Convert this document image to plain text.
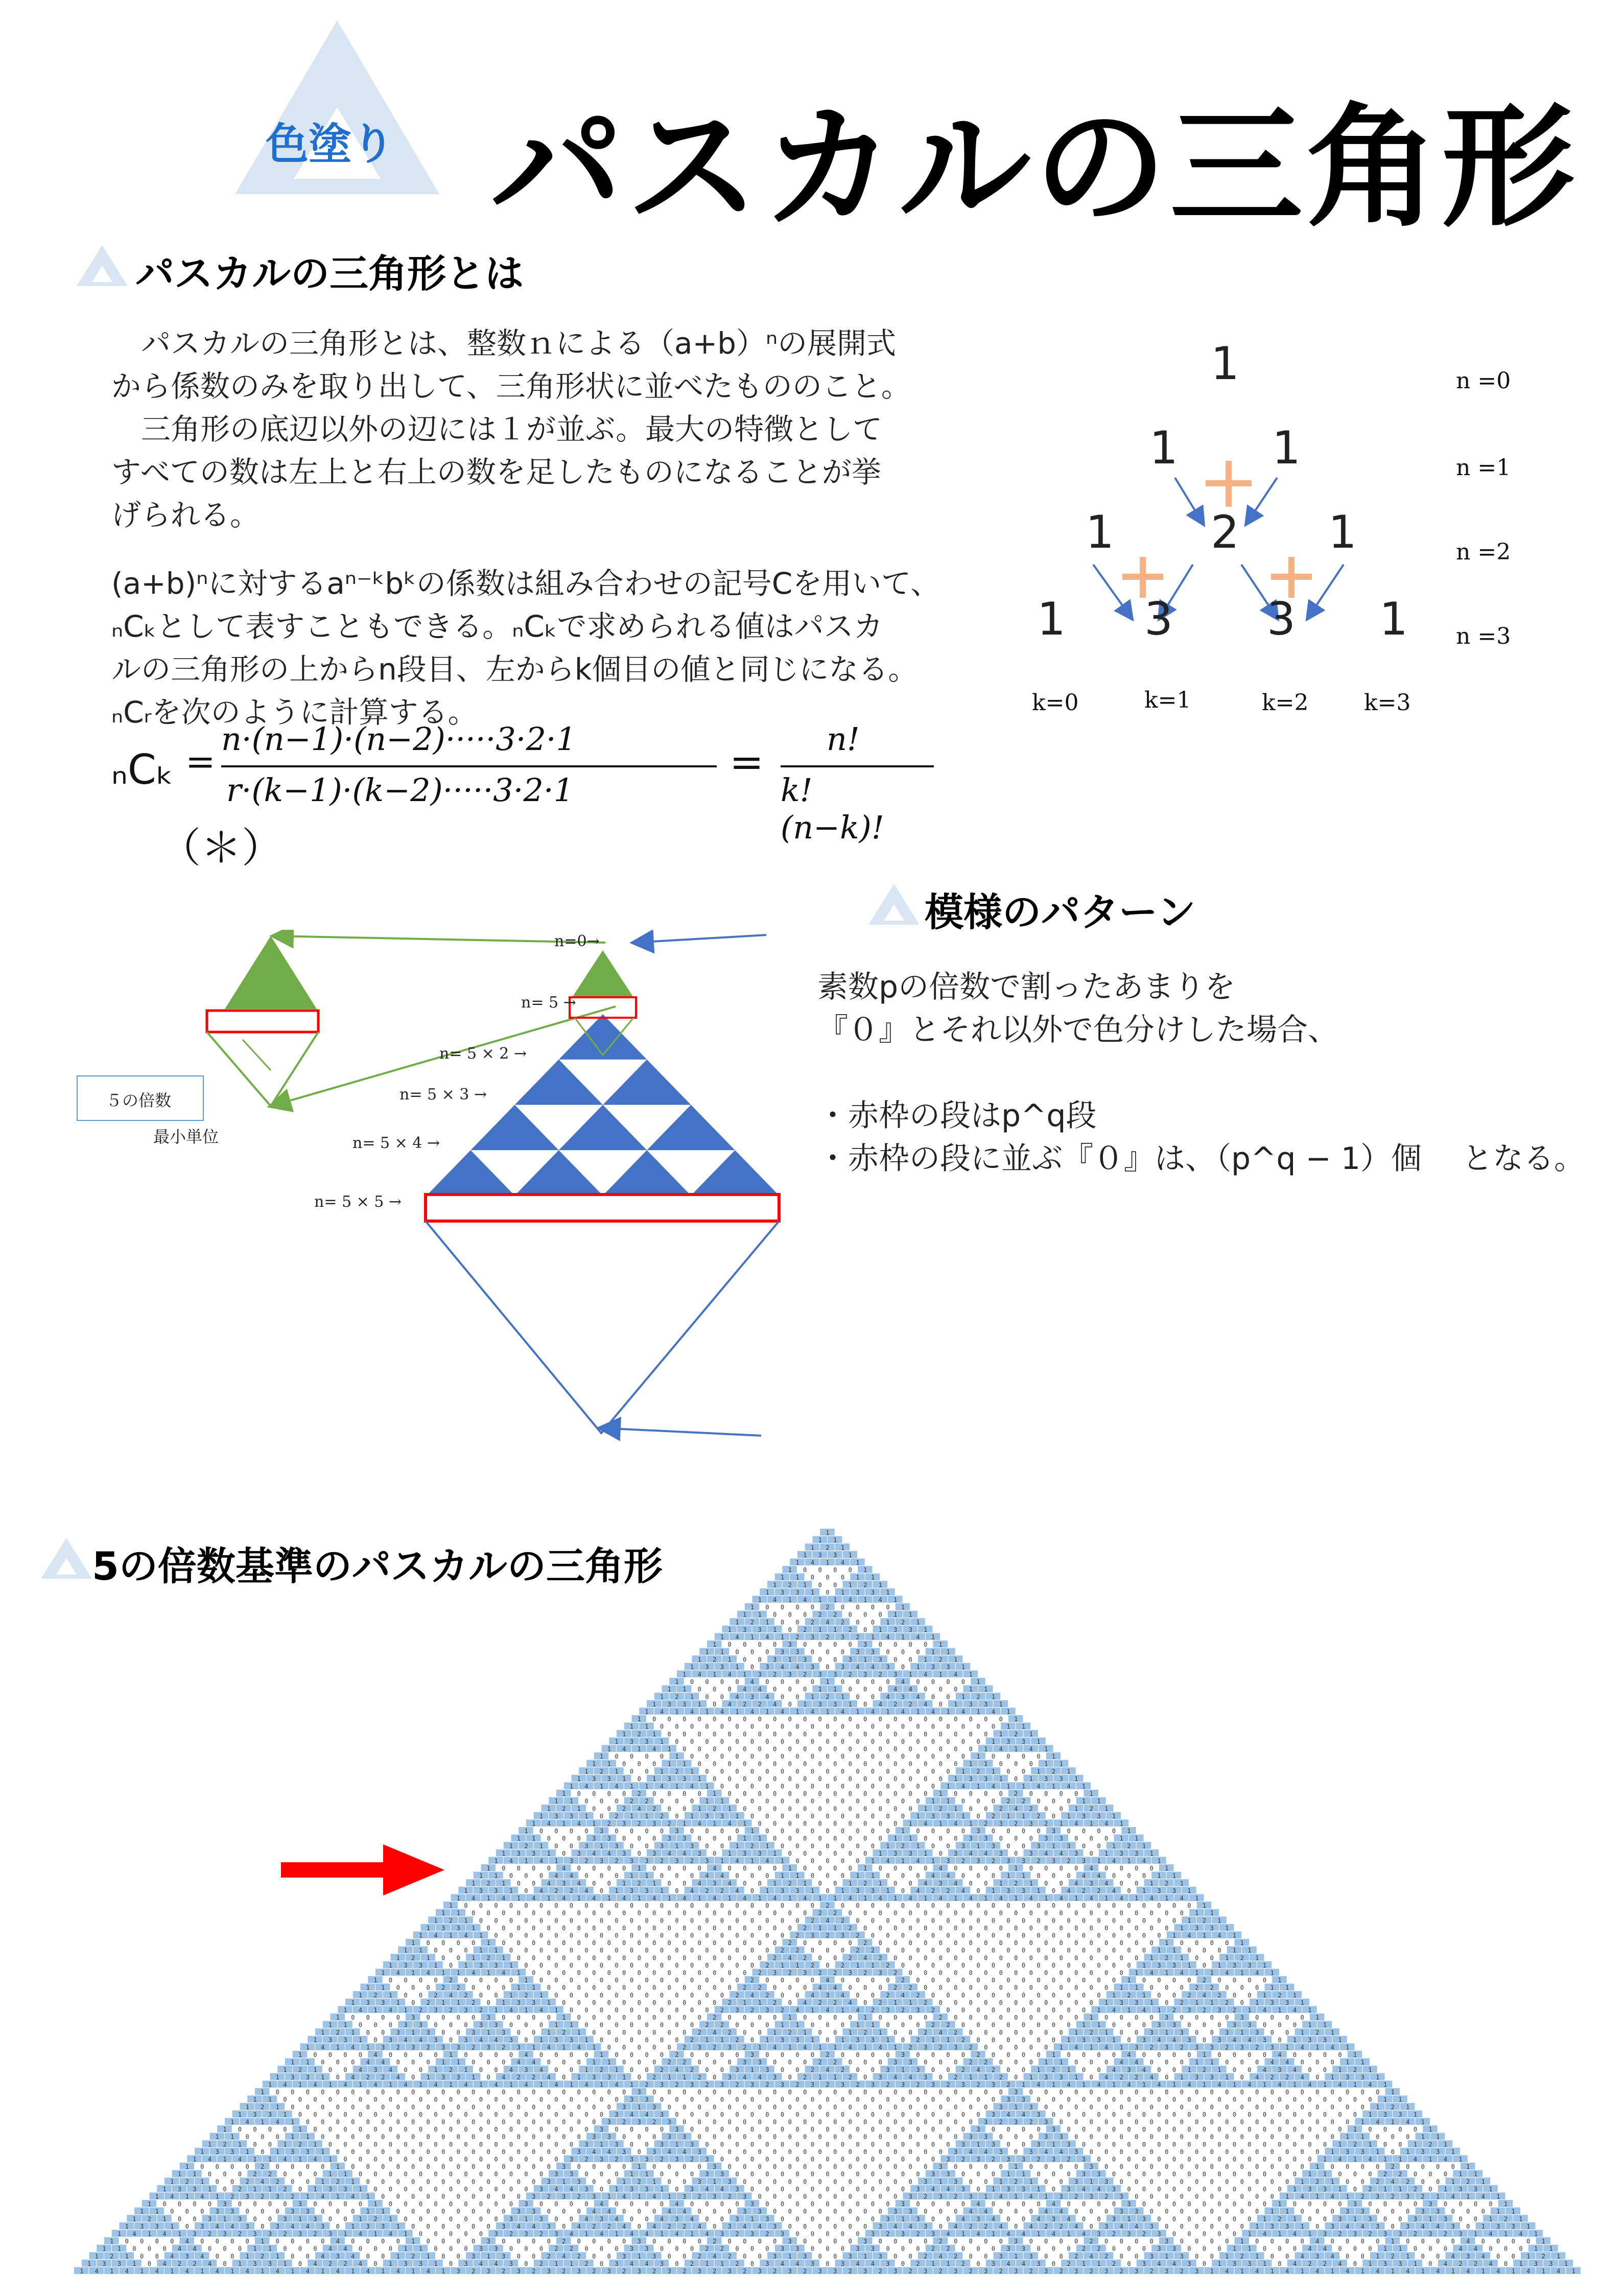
色塗り パスカルの三角形
パスカルの三角形とは

　パスカルの三角形とは、整数ｎによる（a+b）ⁿの展開式

から係数のみを取り出して、三角形状に並べたもののこと。

　三角形の底辺以外の辺には１が並ぶ。最大の特徴として

すべての数は左上と右上の数を足したものになることが挙

げられる。

(a+b)ⁿに対するaⁿ⁻ᵏbᵏの係数は組み合わせの記号Cを用いて、

ₙCₖとして表すこともできる。ₙCₖで求められる値はパスカ

ルの三角形の上からn段目、左からk個目の値と同じになる。

ₙCᵣを次のように計算する。

ₙCₖ =
n·(n−1)·(n−2)·····3·2·1
r·(k−1)·(k−2)·····3·2·1
= n!
k!(n−k)!
（＊）
1
1 1
1 2 1
1 3 3 1
n =0
n =1
n =2
n =3
k=0	k=1	k=2 k=3
模様のパターン
素数pの倍数で割ったあまりを
『０』とそれ以外で色分けした場合、
・赤枠の段はp^q段
・赤枠の段に並ぶ『０』は、（p^q − 1）個　 となる。
５の倍数
最小単位
n=0→
n= 5 →
n= 5 × 2 →
n= 5 × 3 →
n= 5 × 4 →
n= 5 × 5 →
5の倍数基準のパスカルの三角形
1
1 1
1 2 1
1 3 3 1
1 4 1 4 1
1 0 0 0 0 1
1 1 0 0 0 1 1
1 2 1 0 0 1 2 1
1 3 3 1 0 1 3 3 1
1 4 1 4 1 1 4 1 4 1
1 0 0 0 0 2 0 0 0 0 1
1 1 0 0 0 2 2 0 0 0 1 1
1 2 1 0 0 2 4 2 0 0 1 2 1
1 3 3 1 0 2 1 1 2 0 1 3 3 1
1 4 1 4 1 2 3 2 3 2 1 4 1 4 1
1 0 0 0 0 3 0 0 0 0 3 0 0 0 0 1
1 1 0 0 0 3 3 0 0 0 3 3 0 0 0 1 1
1 2 1 0 0 3 1 3 0 0 3 1 3 0 0 1 2 1
1 3 3 1 0 3 4 4 3 0 3 4 4 3 0 1 3 3 1
1 4 1 4 1 3 2 3 2 3 3 2 3 2 3 1 4 1 4 1
1 0 0 0 0 4 0 0 0 0 1 0 0 0 0 4 0 0 0 0 1
1 1 0 0 0 4 4 0 0 0 1 1 0 0 0 4 4 0 0 0 1 1
1 2 1 0 0 4 3 4 0 0 1 2 1 0 0 4 3 4 0 0 1 2 1
1 3 3 1 0 4 2 2 4 0 1 3 3 1 0 4 2 2 4 0 1 3 3 1
1 4 1 4 1 4 1 4 1 4 1 4 1 4 1 4 1 4 1 4 1 4 1 4 1
1 0 0 0 0 0 0 0 0 0 0 0 0 0 0 0 0 0 0 0 0 0 0 0 0 1
1 1 0 0 0 0 0 0 0 0 0 0 0 0 0 0 0 0 0 0 0 0 0 0 0 1 1
1 2 1 0 0 0 0 0 0 0 0 0 0 0 0 0 0 0 0 0 0 0 0 0 0 1 2 1
1 3 3 1 0 0 0 0 0 0 0 0 0 0 0 0 0 0 0 0 0 0 0 0 0 1 3 3 1
1 4 1 4 1 0 0 0 0 0 0 0 0 0 0 0 0 0 0 0 0 0 0 0 0 1 4 1 4 1
1 0 0 0 0 1 0 0 0 0 0 0 0 0 0 0 0 0 0 0 0 0 0 0 0 1 0 0 0 0 1
1 1 0 0 0 1 1 0 0 0 0 0 0 0 0 0 0 0 0 0 0 0 0 0 0 1 1 0 0 0 1 1
1 2 1 0 0 1 2 1 0 0 0 0 0 0 0 0 0 0 0 0 0 0 0 0 0 1 2 1 0 0 1 2 1
1 3 3 1 0 1 3 3 1 0 0 0 0 0 0 0 0 0 0 0 0 0 0 0 0 1 3 3 1 0 1 3 3 1
1 4 1 4 1 1 4 1 4 1 0 0 0 0 0 0 0 0 0 0 0 0 0 0 0 1 4 1 4 1 1 4 1 4 1
1 0 0 0 0 2 0 0 0 0 1 0 0 0 0 0 0 0 0 0 0 0 0 0 0 1 0 0 0 0 2 0 0 0 0 1
1 1 0 0 0 2 2 0 0 0 1 1 0 0 0 0 0 0 0 0 0 0 0 0 0 1 1 0 0 0 2 2 0 0 0 1 1
1 2 1 0 0 2 4 2 0 0 1 2 1 0 0 0 0 0 0 0 0 0 0 0 0 1 2 1 0 0 2 4 2 0 0 1 2 1
1 3 3 1 0 2 1 1 2 0 1 3 3 1 0 0 0 0 0 0 0 0 0 0 0 1 3 3 1 0 2 1 1 2 0 1 3 3 1
1 4 1 4 1 2 3 2 3 2 1 4 1 4 1 0 0 0 0 0 0 0 0 0 0 1 4 1 4 1 2 3 2 3 2 1 4 1 4 1
1 0 0 0 0 3 0 0 0 0 3 0 0 0 0 1 0 0 0 0 0 0 0 0 0 1 0 0 0 0 3 0 0 0 0 3 0 0 0 0 1
1 1 0 0 0 3 3 0 0 0 3 3 0 0 0 1 1 0 0 0 0 0 0 0 0 1 1 0 0 0 3 3 0 0 0 3 3 0 0 0 1 1
1 2 1 0 0 3 1 3 0 0 3 1 3 0 0 1 2 1 0 0 0 0 0 0 0 1 2 1 0 0 3 1 3 0 0 3 1 3 0 0 1 2 1
1 3 3 1 0 3 4 4 3 0 3 4 4 3 0 1 3 3 1 0 0 0 0 0 0 1 3 3 1 0 3 4 4 3 0 3 4 4 3 0 1 3 3 1
1 4 1 4 1 3 2 3 2 3 3 2 3 2 3 1 4 1 4 1 0 0 0 0 0 1 4 1 4 1 3 2 3 2 3 3 2 3 2 3 1 4 1 4 1
1 0 0 0 0 4 0 0 0 0 1 0 0 0 0 4 0 0 0 0 1 0 0 0 0 1 0 0 0 0 4 0 0 0 0 1 0 0 0 0 4 0 0 0 0 1
1 1 0 0 0 4 4 0 0 0 1 1 0 0 0 4 4 0 0 0 1 1 0 0 0 1 1 0 0 0 4 4 0 0 0 1 1 0 0 0 4 4 0 0 0 1 1
1 2 1 0 0 4 3 4 0 0 1 2 1 0 0 4 3 4 0 0 1 2 1 0 0 1 2 1 0 0 4 3 4 0 0 1 2 1 0 0 4 3 4 0 0 1 2 1
1 3 3 1 0 4 2 2 4 0 1 3 3 1 0 4 2 2 4 0 1 3 3 1 0 1 3 3 1 0 4 2 2 4 0 1 3 3 1 0 4 2 2 4 0 1 3 3 1
1 4 1 4 1 4 1 4 1 4 1 4 1 4 1 4 1 4 1 4 1 4 1 4 1 1 4 1 4 1 4 1 4 1 4 1 4 1 4 1 4 1 4 1 4 1 4 1 4 1
1 0 0 0 0 0 0 0 0 0 0 0 0 0 0 0 0 0 0 0 0 0 0 0 0 2 0 0 0 0 0 0 0 0 0 0 0 0 0 0 0 0 0 0 0 0 0 0 0 0 1
1 1 0 0 0 0 0 0 0 0 0 0 0 0 0 0 0 0 0 0 0 0 0 0 0 2 2 0 0 0 0 0 0 0 0 0 0 0 0 0 0 0 0 0 0 0 0 0 0 0 1 1
1 2 1 0 0 0 0 0 0 0 0 0 0 0 0 0 0 0 0 0 0 0 0 0 0 2 4 2 0 0 0 0 0 0 0 0 0 0 0 0 0 0 0 0 0 0 0 0 0 0 1 2 1
1 3 3 1 0 0 0 0 0 0 0 0 0 0 0 0 0 0 0 0 0 0 0 0 0 2 1 1 2 0 0 0 0 0 0 0 0 0 0 0 0 0 0 0 0 0 0 0 0 0 1 3 3 1
1 4 1 4 1 0 0 0 0 0 0 0 0 0 0 0 0 0 0 0 0 0 0 0 0 2 3 2 3 2 0 0 0 0 0 0 0 0 0 0 0 0 0 0 0 0 0 0 0 0 1 4 1 4 1
1 0 0 0 0 1 0 0 0 0 0 0 0 0 0 0 0 0 0 0 0 0 0 0 0 2 0 0 0 0 2 0 0 0 0 0 0 0 0 0 0 0 0 0 0 0 0 0 0 0 1 0 0 0 0 1
1 1 0 0 0 1 1 0 0 0 0 0 0 0 0 0 0 0 0 0 0 0 0 0 0 2 2 0 0 0 2 2 0 0 0 0 0 0 0 0 0 0 0 0 0 0 0 0 0 0 1 1 0 0 0 1 1
1 2 1 0 0 1 2 1 0 0 0 0 0 0 0 0 0 0 0 0 0 0 0 0 0 2 4 2 0 0 2 4 2 0 0 0 0 0 0 0 0 0 0 0 0 0 0 0 0 0 1 2 1 0 0 1 2 1
1 3 3 1 0 1 3 3 1 0 0 0 0 0 0 0 0 0 0 0 0 0 0 0 0 2 1 1 2 0 2 1 1 2 0 0 0 0 0 0 0 0 0 0 0 0 0 0 0 0 1 3 3 1 0 1 3 3 1
1 4 1 4 1 1 4 1 4 1 0 0 0 0 0 0 0 0 0 0 0 0 0 0 0 2 3 2 3 2 2 3 2 3 2 0 0 0 0 0 0 0 0 0 0 0 0 0 0 0 1 4 1 4 1 1 4 1 4 1
1 0 0 0 0 2 0 0 0 0 1 0 0 0 0 0 0 0 0 0 0 0 0 0 0 2 0 0 0 0 4 0 0 0 0 2 0 0 0 0 0 0 0 0 0 0 0 0 0 0 1 0 0 0 0 2 0 0 0 0 1
1 1 0 0 0 2 2 0 0 0 1 1 0 0 0 0 0 0 0 0 0 0 0 0 0 2 2 0 0 0 4 4 0 0 0 2 2 0 0 0 0 0 0 0 0 0 0 0 0 0 1 1 0 0 0 2 2 0 0 0 1 1
1 2 1 0 0 2 4 2 0 0 1 2 1 0 0 0 0 0 0 0 0 0 0 0 0 2 4 2 0 0 4 3 4 0 0 2 4 2 0 0 0 0 0 0 0 0 0 0 0 0 1 2 1 0 0 2 4 2 0 0 1 2 1
1 3 3 1 0 2 1 1 2 0 1 3 3 1 0 0 0 0 0 0 0 0 0 0 0 2 1 1 2 0 4 2 2 4 0 2 1 1 2 0 0 0 0 0 0 0 0 0 0 0 1 3 3 1 0 2 1 1 2 0 1 3 3 1
1 4 1 4 1 2 3 2 3 2 1 4 1 4 1 0 0 0 0 0 0 0 0 0 0 2 3 2 3 2 4 1 4 1 4 2 3 2 3 2 0 0 0 0 0 0 0 0 0 0 1 4 1 4 1 2 3 2 3 2 1 4 1 4 1
1 0 0 0 0 3 0 0 0 0 3 0 0 0 0 1 0 0 0 0 0 0 0 0 0 2 0 0 0 0 1 0 0 0 0 1 0 0 0 0 2 0 0 0 0 0 0 0 0 0 1 0 0 0 0 3 0 0 0 0 3 0 0 0 0 1
1 1 0 0 0 3 3 0 0 0 3 3 0 0 0 1 1 0 0 0 0 0 0 0 0 2 2 0 0 0 1 1 0 0 0 1 1 0 0 0 2 2 0 0 0 0 0 0 0 0 1 1 0 0 0 3 3 0 0 0 3 3 0 0 0 1 1
1 2 1 0 0 3 1 3 0 0 3 1 3 0 0 1 2 1 0 0 0 0 0 0 0 2 4 2 0 0 1 2 1 0 0 1 2 1 0 0 2 4 2 0 0 0 0 0 0 0 1 2 1 0 0 3 1 3 0 0 3 1 3 0 0 1 2 1
1 3 3 1 0 3 4 4 3 0 3 4 4 3 0 1 3 3 1 0 0 0 0 0 0 2 1 1 2 0 1 3 3 1 0 1 3 3 1 0 2 1 1 2 0 0 0 0 0 0 1 3 3 1 0 3 4 4 3 0 3 4 4 3 0 1 3 3 1
1 4 1 4 1 3 2 3 2 3 3 2 3 2 3 1 4 1 4 1 0 0 0 0 0 2 3 2 3 2 1 4 1 4 1 1 4 1 4 1 2 3 2 3 2 0 0 0 0 0 1 4 1 4 1 3 2 3 2 3 3 2 3 2 3 1 4 1 4 1
1 0 0 0 0 4 0 0 0 0 1 0 0 0 0 4 0 0 0 0 1 0 0 0 0 2 0 0 0 0 3 0 0 0 0 2 0 0 0 0 3 0 0 0 0 2 0 0 0 0 1 0 0 0 0 4 0 0 0 0 1 0 0 0 0 4 0 0 0 0 1
1 1 0 0 0 4 4 0 0 0 1 1 0 0 0 4 4 0 0 0 1 1 0 0 0 2 2 0 0 0 3 3 0 0 0 2 2 0 0 0 3 3 0 0 0 2 2 0 0 0 1 1 0 0 0 4 4 0 0 0 1 1 0 0 0 4 4 0 0 0 1 1
1 2 1 0 0 4 3 4 0 0 1 2 1 0 0 4 3 4 0 0 1 2 1 0 0 2 4 2 0 0 3 1 3 0 0 2 4 2 0 0 3 1 3 0 0 2 4 2 0 0 1 2 1 0 0 4 3 4 0 0 1 2 1 0 0 4 3 4 0 0 1 2 1
1 3 3 1 0 4 2 2 4 0 1 3 3 1 0 4 2 2 4 0 1 3 3 1 0 2 1 1 2 0 3 4 4 3 0 2 1 1 2 0 3 4 4 3 0 2 1 1 2 0 1 3 3 1 0 4 2 2 4 0 1 3 3 1 0 4 2 2 4 0 1 3 3 1
1 4 1 4 1 4 1 4 1 4 1 4 1 4 1 4 1 4 1 4 1 4 1 4 1 2 3 2 3 2 3 2 3 2 3 2 3 2 3 2 3 2 3 2 3 2 3 2 3 2 1 4 1 4 1 4 1 4 1 4 1 4 1 4 1 4 1 4 1 4 1 4 1 4 1
1 0 0 0 0 0 0 0 0 0 0 0 0 0 0 0 0 0 0 0 0 0 0 0 0 3 0 0 0 0 0 0 0 0 0 0 0 0 0 0 0 0 0 0 0 0 0 0 0 0 3 0 0 0 0 0 0 0 0 0 0 0 0 0 0 0 0 0 0 0 0 0 0 0 0 1
1 1 0 0 0 0 0 0 0 0 0 0 0 0 0 0 0 0 0 0 0 0 0 0 0 3 3 0 0 0 0 0 0 0 0 0 0 0 0 0 0 0 0 0 0 0 0 0 0 0 3 3 0 0 0 0 0 0 0 0 0 0 0 0 0 0 0 0 0 0 0 0 0 0 0 1 1
1 2 1 0 0 0 0 0 0 0 0 0 0 0 0 0 0 0 0 0 0 0 0 0 0 3 1 3 0 0 0 0 0 0 0 0 0 0 0 0 0 0 0 0 0 0 0 0 0 0 3 1 3 0 0 0 0 0 0 0 0 0 0 0 0 0 0 0 0 0 0 0 0 0 0 1 2 1
1 3 3 1 0 0 0 0 0 0 0 0 0 0 0 0 0 0 0 0 0 0 0 0 0 3 4 4 3 0 0 0 0 0 0 0 0 0 0 0 0 0 0 0 0 0 0 0 0 0 3 4 4 3 0 0 0 0 0 0 0 0 0 0 0 0 0 0 0 0 0 0 0 0 0 1 3 3 1
1 4 1 4 1 0 0 0 0 0 0 0 0 0 0 0 0 0 0 0 0 0 0 0 0 3 2 3 2 3 0 0 0 0 0 0 0 0 0 0 0 0 0 0 0 0 0 0 0 0 3 2 3 2 3 0 0 0 0 0 0 0 0 0 0 0 0 0 0 0 0 0 0 0 0 1 4 1 4 1
1 0 0 0 0 1 0 0 0 0 0 0 0 0 0 0 0 0 0 0 0 0 0 0 0 3 0 0 0 0 3 0 0 0 0 0 0 0 0 0 0 0 0 0 0 0 0 0 0 0 3 0 0 0 0 3 0 0 0 0 0 0 0 0 0 0 0 0 0 0 0 0 0 0 0 1 0 0 0 0 1
1 1 0 0 0 1 1 0 0 0 0 0 0 0 0 0 0 0 0 0 0 0 0 0 0 3 3 0 0 0 3 3 0 0 0 0 0 0 0 0 0 0 0 0 0 0 0 0 0 0 3 3 0 0 0 3 3 0 0 0 0 0 0 0 0 0 0 0 0 0 0 0 0 0 0 1 1 0 0 0 1 1
1 2 1 0 0 1 2 1 0 0 0 0 0 0 0 0 0 0 0 0 0 0 0 0 0 3 1 3 0 0 3 1 3 0 0 0 0 0 0 0 0 0 0 0 0 0 0 0 0 0 3 1 3 0 0 3 1 3 0 0 0 0 0 0 0 0 0 0 0 0 0 0 0 0 0 1 2 1 0 0 1 2 1
1 3 3 1 0 1 3 3 1 0 0 0 0 0 0 0 0 0 0 0 0 0 0 0 0 3 4 4 3 0 3 4 4 3 0 0 0 0 0 0 0 0 0 0 0 0 0 0 0 0 3 4 4 3 0 3 4 4 3 0 0 0 0 0 0 0 0 0 0 0 0 0 0 0 0 1 3 3 1 0 1 3 3 1
1 4 1 4 1 1 4 1 4 1 0 0 0 0 0 0 0 0 0 0 0 0 0 0 0 3 2 3 2 3 3 2 3 2 3 0 0 0 0 0 0 0 0 0 0 0 0 0 0 0 3 2 3 2 3 3 2 3 2 3 0 0 0 0 0 0 0 0 0 0 0 0 0 0 0 1 4 1 4 1 1 4 1 4 1
1 0 0 0 0 2 0 0 0 0 1 0 0 0 0 0 0 0 0 0 0 0 0 0 0 3 0 0 0 0 1 0 0 0 0 3 0 0 0 0 0 0 0 0 0 0 0 0 0 0 3 0 0 0 0 1 0 0 0 0 3 0 0 0 0 0 0 0 0 0 0 0 0 0 0 1 0 0 0 0 2 0 0 0 0 1
1 1 0 0 0 2 2 0 0 0 1 1 0 0 0 0 0 0 0 0 0 0 0 0 0 3 3 0 0 0 1 1 0 0 0 3 3 0 0 0 0 0 0 0 0 0 0 0 0 0 3 3 0 0 0 1 1 0 0 0 3 3 0 0 0 0 0 0 0 0 0 0 0 0 0 1 1 0 0 0 2 2 0 0 0 1 1
1 2 1 0 0 2 4 2 0 0 1 2 1 0 0 0 0 0 0 0 0 0 0 0 0 3 1 3 0 0 1 2 1 0 0 3 1 3 0 0 0 0 0 0 0 0 0 0 0 0 3 1 3 0 0 1 2 1 0 0 3 1 3 0 0 0 0 0 0 0 0 0 0 0 0 1 2 1 0 0 2 4 2 0 0 1 2 1
1 3 3 1 0 2 1 1 2 0 1 3 3 1 0 0 0 0 0 0 0 0 0 0 0 3 4 4 3 0 1 3 3 1 0 3 4 4 3 0 0 0 0 0 0 0 0 0 0 0 3 4 4 3 0 1 3 3 1 0 3 4 4 3 0 0 0 0 0 0 0 0 0 0 0 1 3 3 1 0 2 1 1 2 0 1 3 3 1
1 4 1 4 1 2 3 2 3 2 1 4 1 4 1 0 0 0 0 0 0 0 0 0 0 3 2 3 2 3 1 4 1 4 1 3 2 3 2 3 0 0 0 0 0 0 0 0 0 0 3 2 3 2 3 1 4 1 4 1 3 2 3 2 3 0 0 0 0 0 0 0 0 0 0 1 4 1 4 1 2 3 2 3 2 1 4 1 4 1
1 0 0 0 0 3 0 0 0 0 3 0 0 0 0 1 0 0 0 0 0 0 0 0 0 3 0 0 0 0 4 0 0 0 0 4 0 0 0 0 3 0 0 0 0 0 0 0 0 0 3 0 0 0 0 4 0 0 0 0 4 0 0 0 0 3 0 0 0 0 0 0 0 0 0 1 0 0 0 0 3 0 0 0 0 3 0 0 0 0 1
1 1 0 0 0 3 3 0 0 0 3 3 0 0 0 1 1 0 0 0 0 0 0 0 0 3 3 0 0 0 4 4 0 0 0 4 4 0 0 0 3 3 0 0 0 0 0 0 0 0 3 3 0 0 0 4 4 0 0 0 4 4 0 0 0 3 3 0 0 0 0 0 0 0 0 1 1 0 0 0 3 3 0 0 0 3 3 0 0 0 1 1
1 2 1 0 0 3 1 3 0 0 3 1 3 0 0 1 2 1 0 0 0 0 0 0 0 3 1 3 0 0 4 3 4 0 0 4 3 4 0 0 3 1 3 0 0 0 0 0 0 0 3 1 3 0 0 4 3 4 0 0 4 3 4 0 0 3 1 3 0 0 0 0 0 0 0 1 2 1 0 0 3 1 3 0 0 3 1 3 0 0 1 2 1
1 3 3 1 0 3 4 4 3 0 3 4 4 3 0 1 3 3 1 0 0 0 0 0 0 3 4 4 3 0 4 2 2 4 0 4 2 2 4 0 3 4 4 3 0 0 0 0 0 0 3 4 4 3 0 4 2 2 4 0 4 2 2 4 0 3 4 4 3 0 0 0 0 0 0 1 3 3 1 0 3 4 4 3 0 3 4 4 3 0 1 3 3 1
1 4 1 4 1 3 2 3 2 3 3 2 3 2 3 1 4 1 4 1 0 0 0 0 0 3 2 3 2 3 4 1 4 1 4 4 1 4 1 4 3 2 3 2 3 0 0 0 0 0 3 2 3 2 3 4 1 4 1 4 4 1 4 1 4 3 2 3 2 3 0 0 0 0 0 1 4 1 4 1 3 2 3 2 3 3 2 3 2 3 1 4 1 4 1
1 0 0 0 0 4 0 0 0 0 1 0 0 0 0 4 0 0 0 0 1 0 0 0 0 3 0 0 0 0 2 0 0 0 0 3 0 0 0 0 2 0 0 0 0 3 0 0 0 0 3 0 0 0 0 2 0 0 0 0 3 0 0 0 0 2 0 0 0 0 3 0 0 0 0 1 0 0 0 0 4 0 0 0 0 1 0 0 0 0 4 0 0 0 0 1
1 1 0 0 0 4 4 0 0 0 1 1 0 0 0 4 4 0 0 0 1 1 0 0 0 3 3 0 0 0 2 2 0 0 0 3 3 0 0 0 2 2 0 0 0 3 3 0 0 0 3 3 0 0 0 2 2 0 0 0 3 3 0 0 0 2 2 0 0 0 3 3 0 0 0 1 1 0 0 0 4 4 0 0 0 1 1 0 0 0 4 4 0 0 0 1 1
1 2 1 0 0 4 3 4 0 0 1 2 1 0 0 4 3 4 0 0 1 2 1 0 0 3 1 3 0 0 2 4 2 0 0 3 1 3 0 0 2 4 2 0 0 3 1 3 0 0 3 1 3 0 0 2 4 2 0 0 3 1 3 0 0 2 4 2 0 0 3 1 3 0 0 1 2 1 0 0 4 3 4 0 0 1 2 1 0 0 4 3 4 0 0 1 2 1
1 3 3 1 0 4 2 2 4 0 1 3 3 1 0 4 2 2 4 0 1 3 3 1 0 3 4 4 3 0 2 1 1 2 0 3 4 4 3 0 2 1 1 2 0 3 4 4 3 0 3 4 4 3 0 2 1 1 2 0 3 4 4 3 0 2 1 1 2 0 3 4 4 3 0 1 3 3 1 0 4 2 2 4 0 1 3 3 1 0 4 2 2 4 0 1 3 3 1
1 4 1 4 1 4 1 4 1 4 1 4 1 4 1 4 1 4 1 4 1 4 1 4 1 3 2 3 2 3 2 3 2 3 2 3 2 3 2 3 2 3 2 3 2 3 2 3 2 3 3 2 3 2 3 2 3 2 3 2 3 2 3 2 3 2 3 2 3 2 3 2 3 2 3 1 4 1 4 1 4 1 4 1 4 1 4 1 4 1 4 1 4 1 4 1 4 1 4 1
